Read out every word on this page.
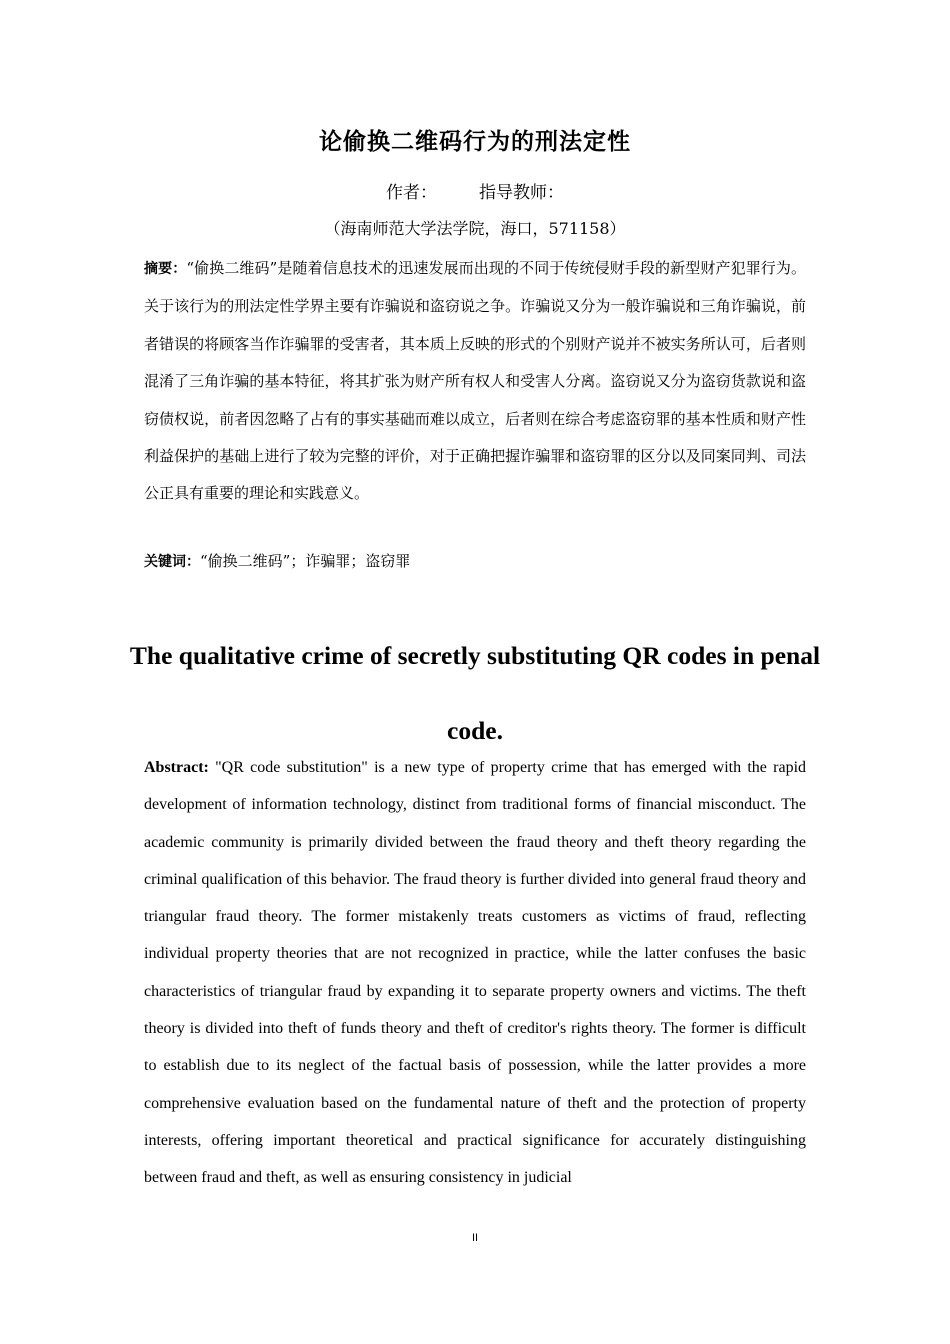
论偷换二维码行为的刑法定性
作者： 指导教师：
（海南师范大学法学院，海口，571158）

摘要：“偷换二维码”是随着信息技术的迅速发展而出现的不同于传统侵财手段的新型财产犯罪行为。关于该行为的刑法定性学界主要有诈骗说和盗窃说之争。诈骗说又分为一般诈骗说和三角诈骗说，前者错误的将顾客当作诈骗罪的受害者，其本质上反映的形式的个别财产说并不被实务所认可，后者则混淆了三角诈骗的基本特征，将其扩张为财产所有权人和受害人分离。盗窃说又分为盗窃货款说和盗窃债权说，前者因忽略了占有的事实基础而难以成立，后者则在综合考虑盗窃罪的基本性质和财产性利益保护的基础上进行了较为完整的评价，对于正确把握诈骗罪和盗窃罪的区分以及同案同判、司法公正具有重要的理论和实践意义。

关键词：“偷换二维码”；诈骗罪；盗窃罪

The qualitative crime of secretly substituting QR codes in penal code.

Abstract: "QR code substitution" is a new type of property crime that has emerged with the rapid development of information technology, distinct from traditional forms of financial misconduct. The academic community is primarily divided between the fraud theory and theft theory regarding the criminal qualification of this behavior. The fraud theory is further divided into general fraud theory and triangular fraud theory. The former mistakenly treats customers as victims of fraud, reflecting individual property theories that are not recognized in practice, while the latter confuses the basic characteristics of triangular fraud by expanding it to separate property owners and victims. The theft theory is divided into theft of funds theory and theft of creditor's rights theory. The former is difficult to establish due to its neglect of the factual basis of possession, while the latter provides a more comprehensive evaluation based on the fundamental nature of theft and the protection of property interests, offering important theoretical and practical significance for accurately distinguishing between fraud and theft, as well as ensuring consistency in judicial

II
